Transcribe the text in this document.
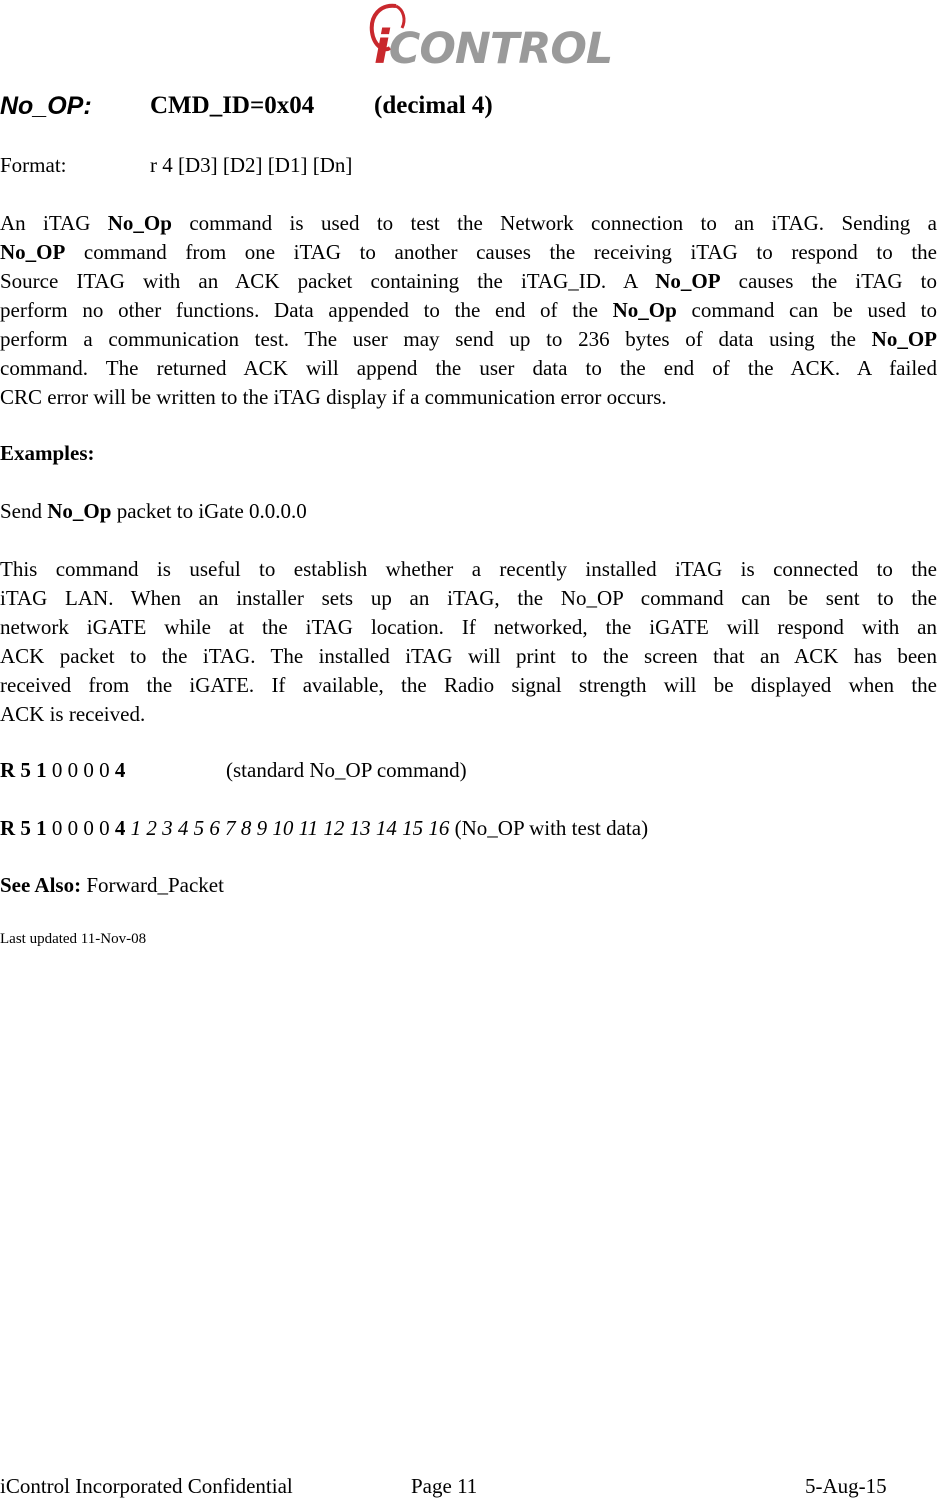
iCONTROL
No_OP: CMD_ID=0x04 (decimal 4)
Format:	r 4 [D3] [D2] [D1] [Dn]
An iTAG No_Op command is used to test the Network connection to an iTAG. Sending a
No_OP command from one iTAG to another causes the receiving iTAG to respond to the
Source ITAG with an ACK packet containing the iTAG_ID. A No_OP causes the iTAG to
perform no other functions. Data appended to the end of the No_Op command can be used to
perform a communication test. The user may send up to 236 bytes of data using the No_OP
command. The returned ACK will append the user data to the end of the ACK. A failed
CRC error will be written to the iTAG display if a communication error occurs.
Examples:
Send No_Op packet to iGate 0.0.0.0
This command is useful to establish whether a recently installed iTAG is connected to the
iTAG LAN. When an installer sets up an iTAG, the No_OP command can be sent to the
network iGATE while at the iTAG location. If networked, the iGATE will respond with an
ACK packet to the iTAG. The installed iTAG will print to the screen that an ACK has been
received from the iGATE. If available, the Radio signal strength will be displayed when the
ACK is received.
R 5 1 0 0 0 0 4	(standard No_OP command)
R 5 1 0 0 0 0 4 1 2 3 4 5 6 7 8 9 10 11 12 13 14 15 16 (No_OP with test data)
See Also: Forward_Packet
Last updated 11-Nov-08
iControl Incorporated Confidential	Page 11	5-Aug-15
